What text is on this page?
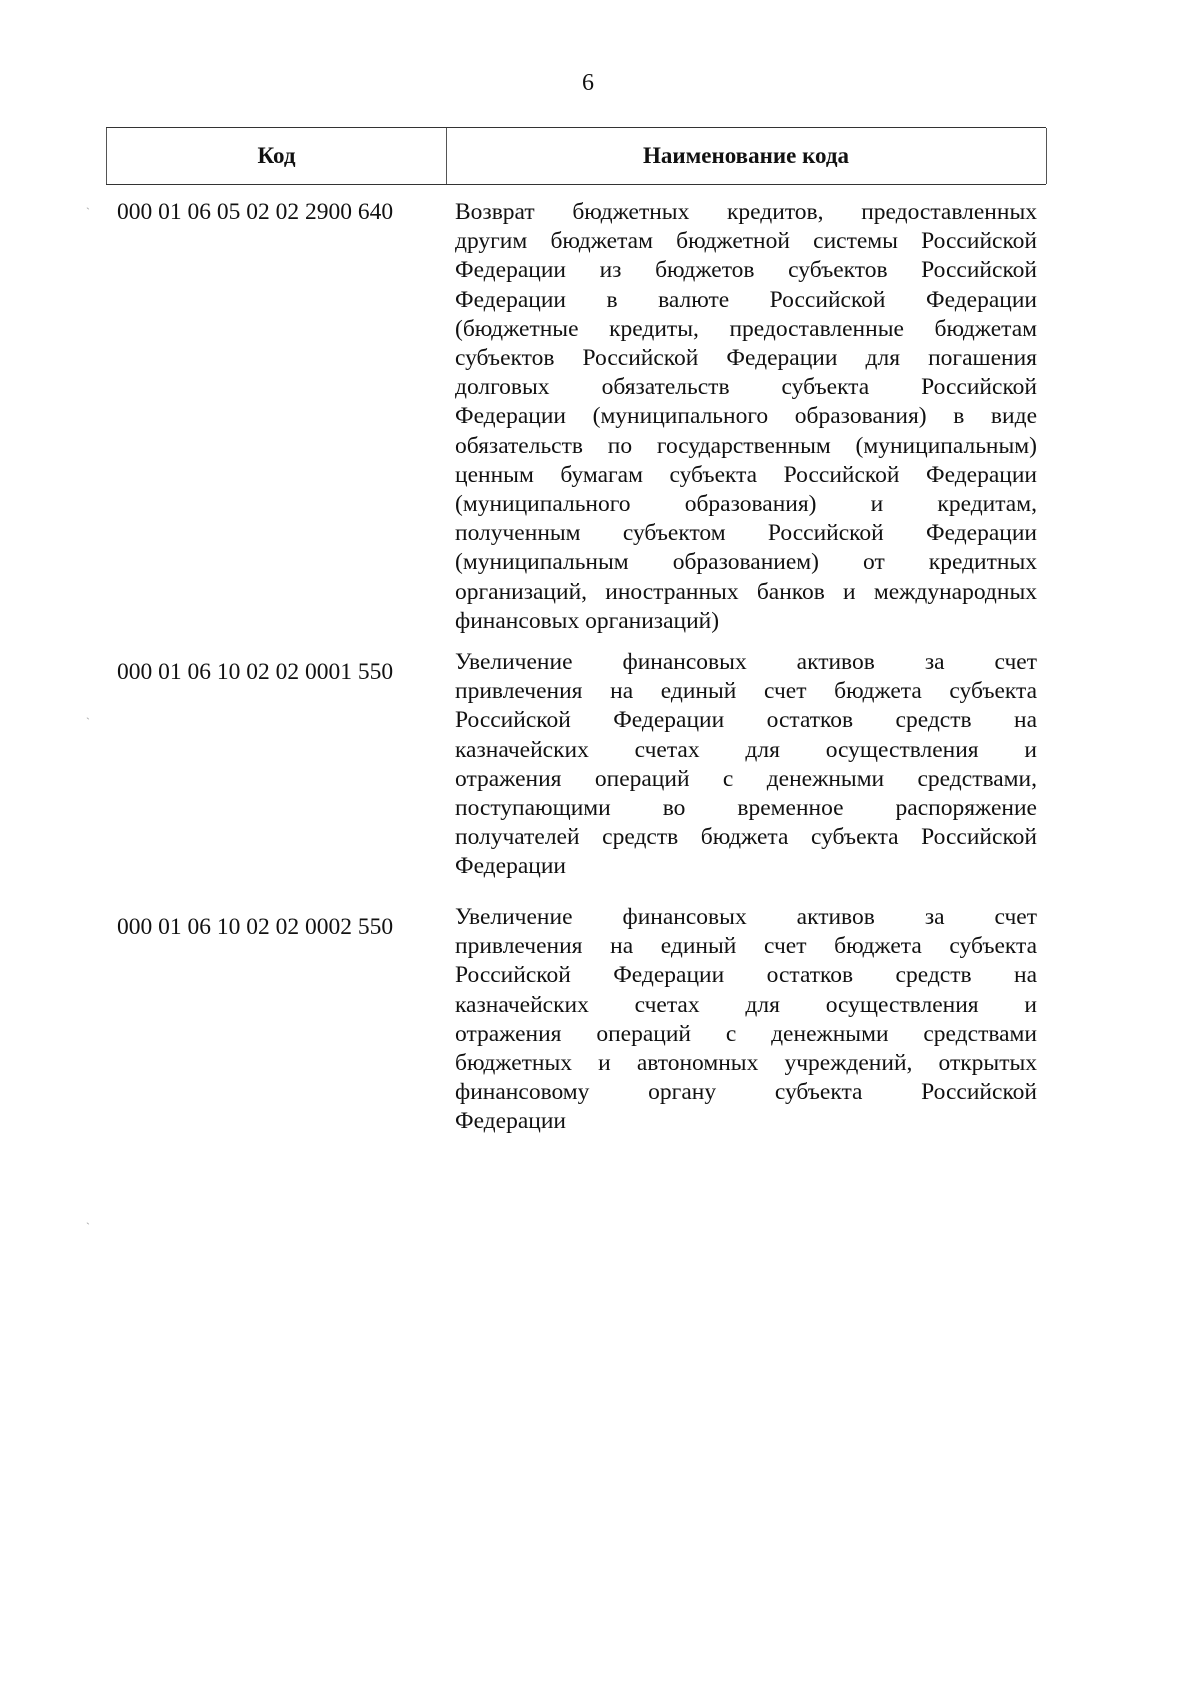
6
Код	Наименование кода
000 01 06 05 02 02 2900 640	Возврат бюджетных кредитов, предоставленных
другим бюджетам бюджетной системы Российской
Федерации из бюджетов субъектов Российской
Федерации в валюте Российской Федерации
(бюджетные кредиты, предоставленные бюджетам
субъектов Российской Федерации для погашения
долговых обязательств субъекта Российской
Федерации (муниципального образования) в виде
обязательств по государственным (муниципальным)
ценным бумагам субъекта Российской Федерации
(муниципального образования) и кредитам,
полученным субъектом Российской Федерации
(муниципальным образованием) от кредитных
организаций, иностранных банков и международных
финансовых организаций)
000 01 06 10 02 02 0001 550	Увеличение финансовых активов за счет
привлечения на единый счет бюджета субъекта
Российской Федерации остатков средств на
казначейских счетах для осуществления и
отражения операций с денежными средствами,
поступающими во временное распоряжение
получателей средств бюджета субъекта Российской
Федерации
000 01 06 10 02 02 0002 550	Увеличение финансовых активов за счет
привлечения на единый счет бюджета субъекта
Российской Федерации остатков средств на
казначейских счетах для осуществления и
отражения операций с денежными средствами
бюджетных и автономных учреждений, открытых
финансовому органу субъекта Российской
Федерации
ˋ
ˋ
ˋ
